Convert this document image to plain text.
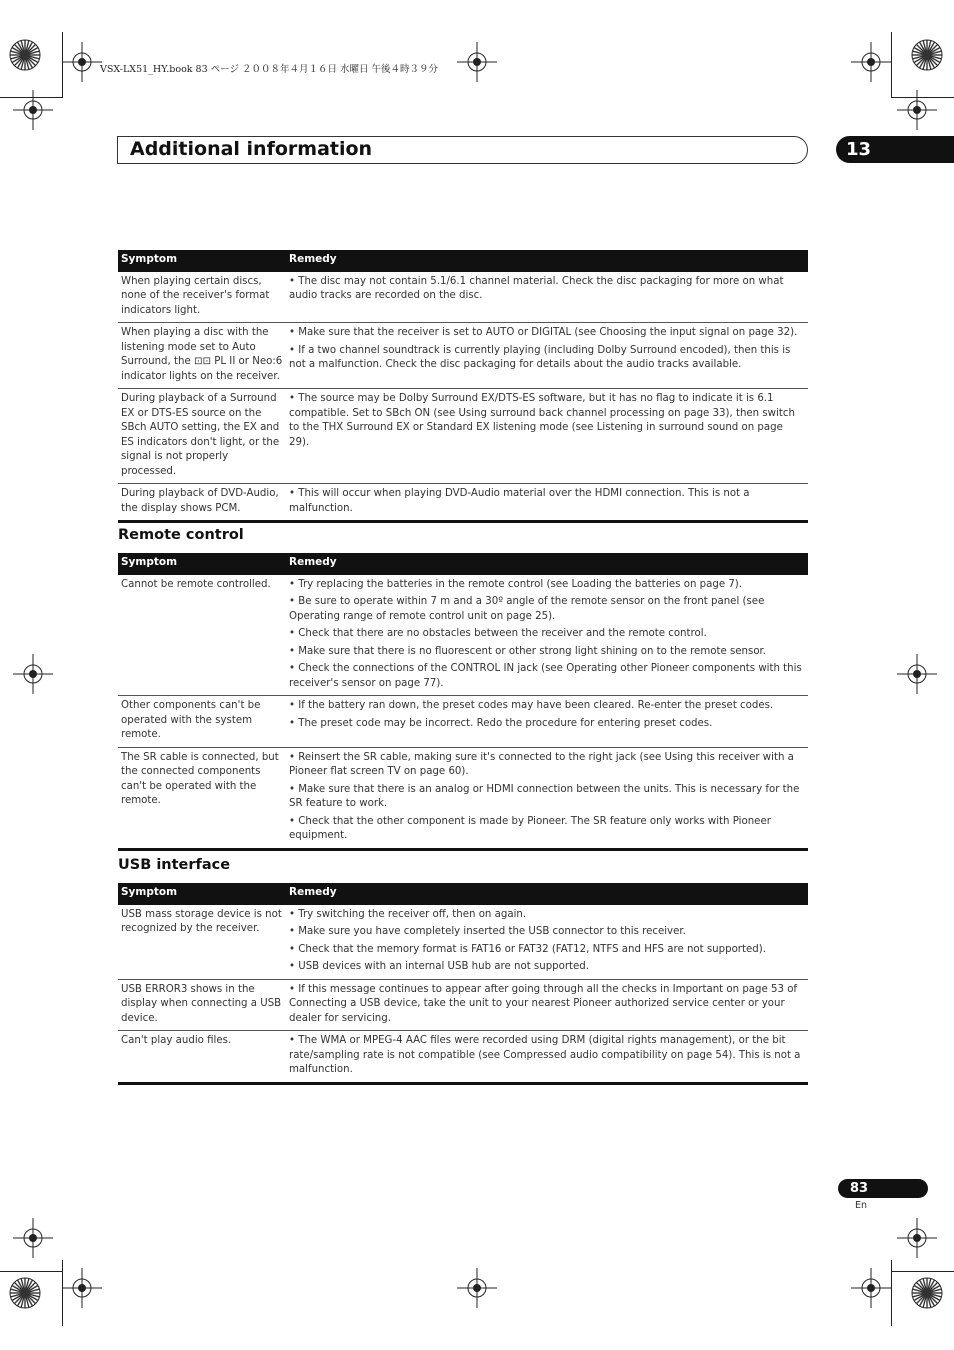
VSX-LX51_HY.book 83 ページ ２００８年４月１６日 水曜日 午後４時３９分
Additional information	13
Symptom	Remedy
When playing certain discs, none of the receiver's format indicators light.	• The disc may not contain 5.1/6.1 channel material. Check the disc packaging for more on what audio tracks are recorded on the disc.

When playing a disc with the listening mode set to Auto Surround, the ⊡⊡ PL II or Neo:6 indicator lights on the receiver.	• Make sure that the receiver is set to AUTO or DIGITAL (see Choosing the input signal on page 32).
• If a two channel soundtrack is currently playing (including Dolby Surround encoded), then this is not a malfunction. Check the disc packaging for details about the audio tracks available.

During playback of a Surround EX or DTS-ES source on the SBch AUTO setting, the EX and ES indicators don't light, or the signal is not properly processed.	• The source may be Dolby Surround EX/DTS-ES software, but it has no flag to indicate it is 6.1 compatible. Set to SBch ON (see Using surround back channel processing on page 33), then switch to the THX Surround EX or Standard EX listening mode (see Listening in surround sound on page 29).

During playback of DVD-Audio, the display shows PCM.	• This will occur when playing DVD-Audio material over the HDMI connection. This is not a malfunction.
Remote control
Symptom	Remedy
Cannot be remote controlled.	• Try replacing the batteries in the remote control (see Loading the batteries on page 7).
• Be sure to operate within 7 m and a 30º angle of the remote sensor on the front panel (see Operating range of remote control unit on page 25).
• Check that there are no obstacles between the receiver and the remote control.
• Make sure that there is no fluorescent or other strong light shining on to the remote sensor.
• Check the connections of the CONTROL IN jack (see Operating other Pioneer components with this receiver's sensor on page 77).

Other components can't be operated with the system remote.	• If the battery ran down, the preset codes may have been cleared. Re-enter the preset codes.
• The preset code may be incorrect. Redo the procedure for entering preset codes.

The SR cable is connected, but the connected components can't be operated with the remote.	• Reinsert the SR cable, making sure it's connected to the right jack (see Using this receiver with a Pioneer flat screen TV on page 60).
• Make sure that there is an analog or HDMI connection between the units. This is necessary for the SR feature to work.
• Check that the other component is made by Pioneer. The SR feature only works with Pioneer equipment.
USB interface
Symptom	Remedy
USB mass storage device is not recognized by the receiver.	• Try switching the receiver off, then on again.
• Make sure you have completely inserted the USB connector to this receiver.
• Check that the memory format is FAT16 or FAT32 (FAT12, NTFS and HFS are not supported).
• USB devices with an internal USB hub are not supported.

USB ERROR3 shows in the display when connecting a USB device.	• If this message continues to appear after going through all the checks in Important on page 53 of Connecting a USB device, take the unit to your nearest Pioneer authorized service center or your dealer for servicing.

Can't play audio files.	• The WMA or MPEG-4 AAC files were recorded using DRM (digital rights management), or the bit rate/sampling rate is not compatible (see Compressed audio compatibility on page 54). This is not a malfunction.
83
En
